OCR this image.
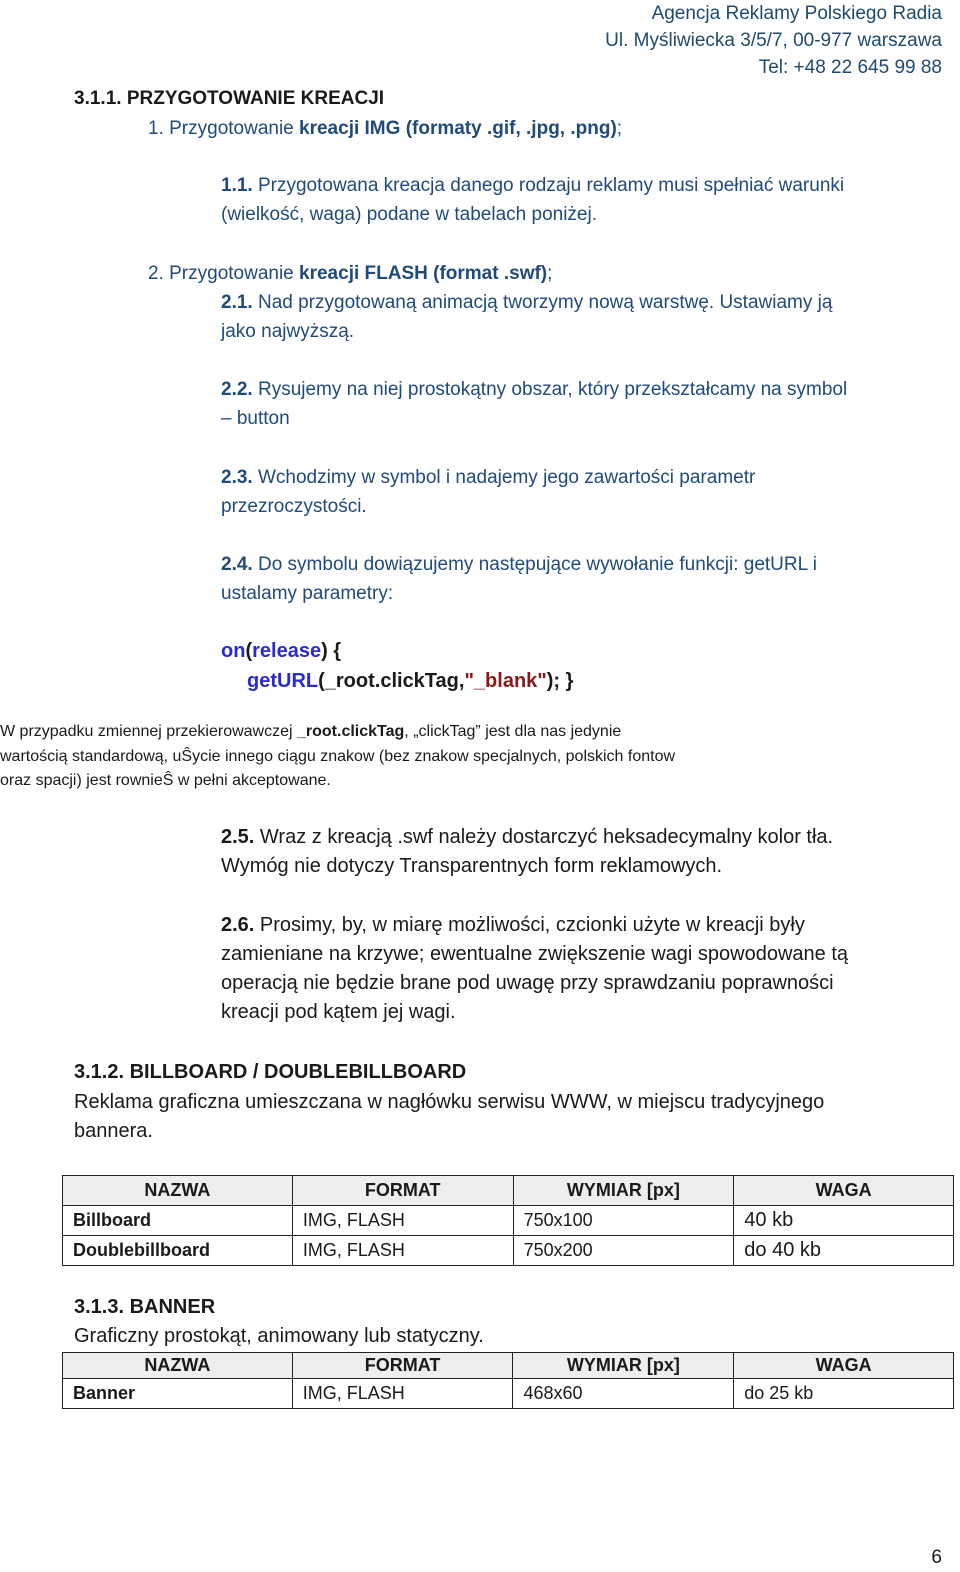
Agencja Reklamy Polskiego Radia
Ul. Myśliwiecka 3/5/7, 00-977 warszawa
Tel: +48 22 645 99 88
3.1.1. PRZYGOTOWANIE KREACJI
1. Przygotowanie kreacji IMG (formaty .gif, .jpg, .png);
1.1. Przygotowana kreacja danego rodzaju reklamy musi spełniać warunki
(wielkość, waga) podane w tabelach poniżej.
2. Przygotowanie kreacji FLASH (format .swf);
2.1. Nad przygotowaną animacją tworzymy nową warstwę. Ustawiamy ją
jako najwyższą.
2.2. Rysujemy na niej prostokątny obszar, który przekształcamy na symbol
– button
2.3. Wchodzimy w symbol i nadajemy jego zawartości parametr
przezroczystości.
2.4. Do symbolu dowiązujemy następujące wywołanie funkcji: getURL i
ustalamy parametry:
on(release) {
getURL(_root.clickTag,"_blank"); }
W przypadku zmiennej przekierowawczej _root.clickTag, „clickTag” jest dla nas jedynie
wartością standardową, uŜycie innego ciągu znakow (bez znakow specjalnych, polskich fontow
oraz spacji) jest rownieŜ w pełni akceptowane.
2.5. Wraz z kreacją .swf należy dostarczyć heksadecymalny kolor tła.
Wymóg nie dotyczy Transparentnych form reklamowych.
2.6. Prosimy, by, w miarę możliwości, czcionki użyte w kreacji były
zamieniane na krzywe; ewentualne zwiększenie wagi spowodowane tą
operacją nie będzie brane pod uwagę przy sprawdzaniu poprawności
kreacji pod kątem jej wagi.
3.1.2. BILLBOARD / DOUBLEBILLBOARD
Reklama graficzna umieszczana w nagłówku serwisu WWW, w miejscu tradycyjnego
bannera.
NAZWA	FORMAT	WYMIAR [px]	WAGA
Billboard	IMG, FLASH	750x100	40 kb
Doublebillboard	IMG, FLASH	750x200	do 40 kb
3.1.3. BANNER
Graficzny prostokąt, animowany lub statyczny.
NAZWA	FORMAT	WYMIAR [px]	WAGA
Banner	IMG, FLASH	468x60	do 25 kb
6
